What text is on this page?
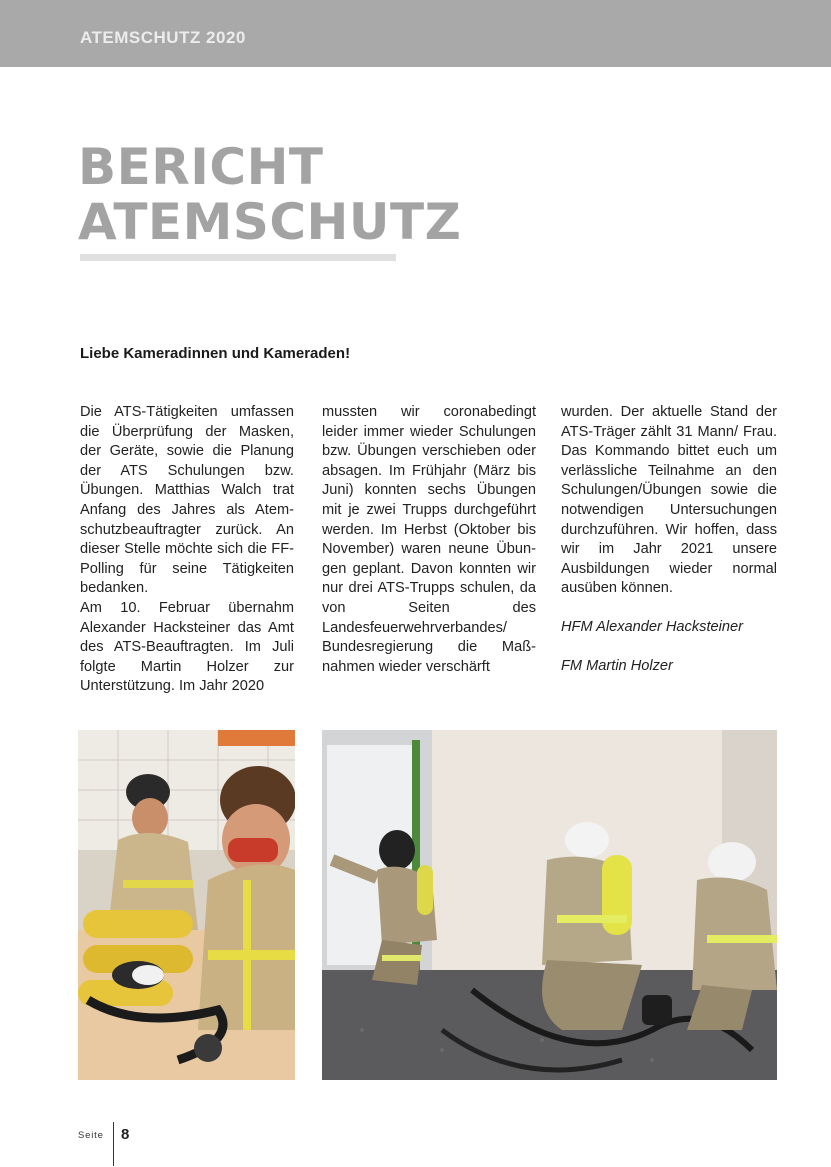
ATEMSCHUTZ 2020
BERICHT
ATEMSCHUTZ
Liebe Kameradinnen und Kameraden!

Die ATS-Tätigkeiten umfassen die Überprüfung der Masken, der Geräte, sowie die Planung der ATS Schulungen bzw. Übungen. Matthias Walch trat Anfang des Jahres als Atemschutzbeauftragter zurück. An dieser Stelle möchte sich die FF-Polling für seine Tätigkeiten bedanken.

Am 10. Februar übernahm Alexander Hacksteiner das Amt des ATS-Beauftragten. Im Juli folgte Martin Holzer zur Unterstützung. Im Jahr 2020

mussten wir coronabedingt leider immer wieder Schulungen bzw. Übungen verschieben oder absagen. Im Frühjahr (März bis Juni) konnten sechs Übungen mit je zwei Trupps durchgeführt werden. Im Herbst (Oktober bis November) waren neune Übungen geplant. Davon konnten wir nur drei ATS-Trupps schulen, da von Seiten des Landesfeuerwehrverbandes/ Bundesregierung die Maßnahmen wieder verschärft

wurden. Der aktuelle Stand der ATS-Träger zählt 31 Mann/ Frau. Das Kommando bittet euch um verlässliche Teilnahme an den Schulungen/Übungen sowie die notwendigen Untersuchungen durchzuführen. Wir hoffen, dass wir im Jahr 2021 unsere Ausbildungen wieder normal ausüben können.

HFM Alexander Hacksteiner

FM Martin Holzer

Seite 8
